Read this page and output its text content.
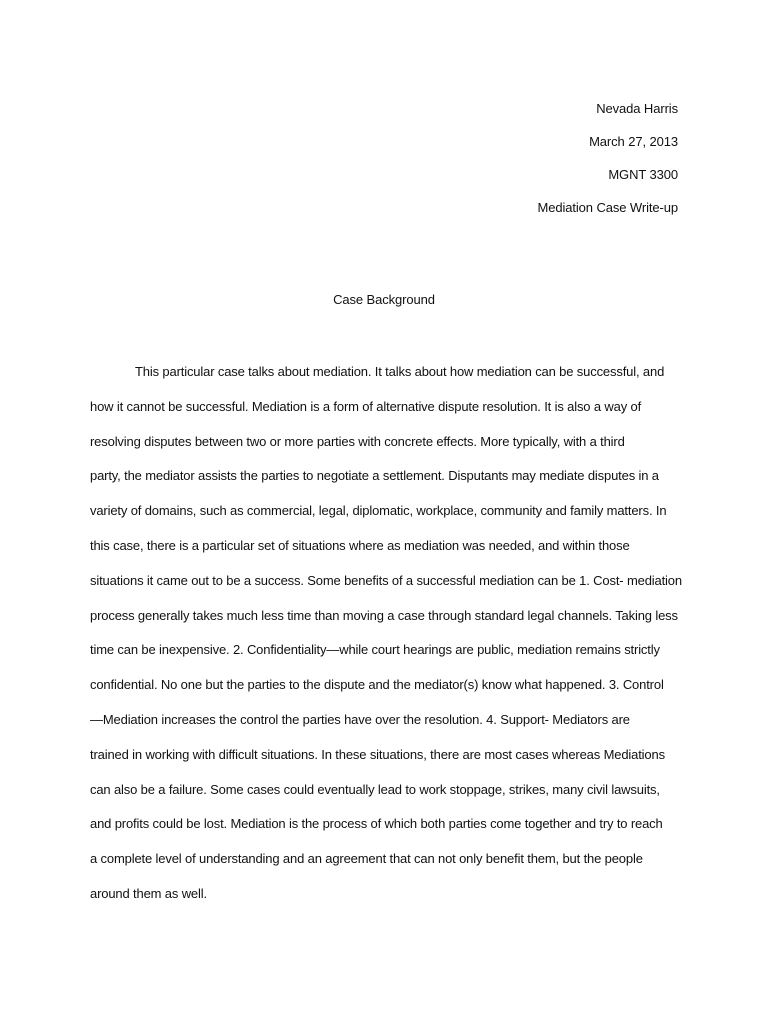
Nevada Harris
March 27, 2013
MGNT 3300
Mediation Case Write-up
Case Background
This particular case talks about mediation. It talks about how mediation can be successful, and
how it cannot be successful. Mediation is a form of alternative dispute resolution. It is also a way of
resolving disputes between two or more parties with concrete effects. More typically, with a third
party, the mediator assists the parties to negotiate a settlement. Disputants may mediate disputes in a
variety of domains, such as commercial, legal, diplomatic, workplace, community and family matters. In
this case, there is a particular set of situations where as mediation was needed, and within those
situations it came out to be a success. Some benefits of a successful mediation can be 1. Cost- mediation
process generally takes much less time than moving a case through standard legal channels. Taking less
time can be inexpensive. 2. Confidentiality—while court hearings are public, mediation remains strictly
confidential. No one but the parties to the dispute and the mediator(s) know what happened. 3. Control
—Mediation increases the control the parties have over the resolution. 4. Support- Mediators are
trained in working with difficult situations. In these situations, there are most cases whereas Mediations
can also be a failure. Some cases could eventually lead to work stoppage, strikes, many civil lawsuits,
and profits could be lost. Mediation is the process of which both parties come together and try to reach
a complete level of understanding and an agreement that can not only benefit them, but the people
around them as well.
